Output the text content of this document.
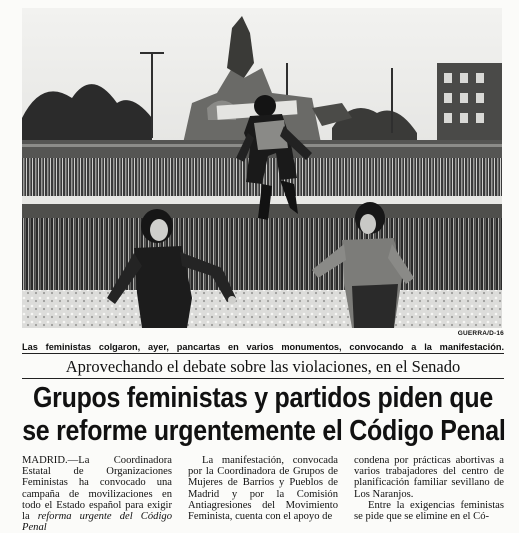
GUERRA/D-16
Las feministas colgaron, ayer, pancartas en varios monumentos, convocando a la manifestación.
Aprovechando el debate sobre las violaciones, en el Senado
Grupos feministas y partidos piden que
se reforme urgentemente el Código Penal

MADRID.—La Coordinadora Estatal de Organizaciones Feministas ha convocado una campaña de movilizaciones en todo el Estado español para exigir la reforma urgente del Código Penal

La manifestación, convocada por la Coordinadora de Grupos de Mujeres de Barrios y Pueblos de Madrid y por la Comisión Antiagresiones del Movimiento Feminista, cuenta con el apoyo de

condena por prácticas abortivas a varios trabajadores del centro de planificación familiar sevillano de Los Naranjos.

Entre la exigencias feministas se pide que se elimine en el Có-
